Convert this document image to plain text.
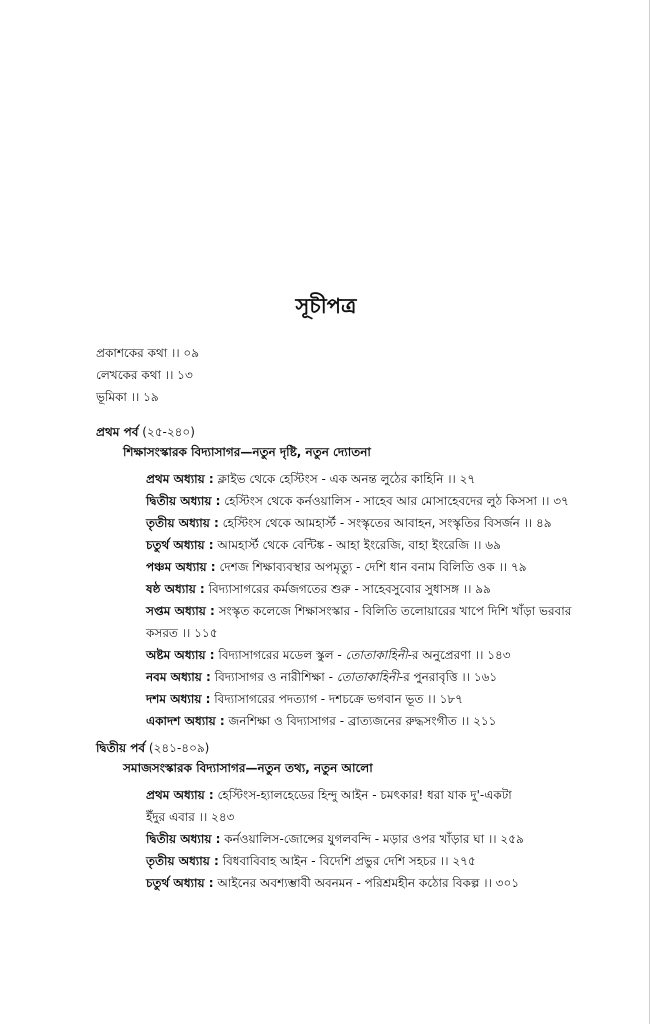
সূচীপত্র
প্রকাশকের কথা ।। ০৯
লেখকের কথা ।। ১৩
ভূমিকা ।। ১৯
প্রথম পর্ব (২৫-২৪০)
শিক্ষাসংস্কারক বিদ্যাসাগর—নতুন দৃষ্টি, নতুন দ্যোতনা
প্রথম অধ্যায় : ক্লাইভ থেকে হেস্টিংস - এক অনন্ত লুঠের কাহিনি ।। ২৭
দ্বিতীয় অধ্যায় : হেস্টিংস থেকে কর্নওয়ালিস - সাহেব আর মোসাহেবদের লুঠ কিসসা ।। ৩৭
তৃতীয় অধ্যায় : হেস্টিংস থেকে আমহার্স্ট - সংস্কৃতের আবাহন, সংস্কৃতির বিসর্জন ।। ৪৯
চতুর্থ অধ্যায় : আমহার্স্ট থেকে বেন্টিঙ্ক - আহা ইংরেজি, বাহা ইংরেজি ।। ৬৯
পঞ্চম অধ্যায় : দেশজ শিক্ষাব্যবস্থার অপমৃত্যু - দেশি ধান বনাম বিলিতি ওক ।। ৭৯
ষষ্ঠ অধ্যায় : বিদ্যাসাগরের কর্মজগতের শুরু - সাহেবসুবোর সুধাসঙ্গ ।। ৯৯
সপ্তম অধ্যায় : সংস্কৃত কলেজে শিক্ষাসংস্কার - বিলিতি তলোয়ারের খাপে দিশি খাঁড়া ভরবার
কসরত ।। ১১৫
অষ্টম অধ্যায় : বিদ্যাসাগরের মডেল স্কুল - তোতাকাহিনী-র অনুপ্রেরণা ।। ১৪৩
নবম অধ্যায় : বিদ্যাসাগর ও নারীশিক্ষা - তোতাকাহিনী-র পুনরাবৃত্তি ।। ১৬১
দশম অধ্যায় : বিদ্যাসাগরের পদত্যাগ - দশচক্রে ভগবান ভূত ।। ১৮৭
একাদশ অধ্যায় : জনশিক্ষা ও বিদ্যাসাগর - ব্রাত্যজনের রুদ্ধসংগীত ।। ২১১
দ্বিতীয় পর্ব (২৪১-৪০৯)
সমাজসংস্কারক বিদ্যাসাগর—নতুন তথ্য, নতুন আলো
প্রথম অধ্যায় : হেস্টিংস-হ্যালহেডের হিন্দু আইন - চমৎকার! ধরা যাক দু'-একটা
ইঁদুর এবার ।। ২৪৩
দ্বিতীয় অধ্যায় : কর্নওয়ালিস-জোন্সের যুগলবন্দি - মড়ার ওপর খাঁড়ার ঘা ।। ২৫৯
তৃতীয় অধ্যায় : বিধবাবিবাহ আইন - বিদেশি প্রভুর দেশি সহচর ।। ২৭৫
চতুর্থ অধ্যায় : আইনের অবশ্যম্ভাবী অবনমন - পরিশ্রমহীন কঠোর বিকল্প ।। ৩০১
